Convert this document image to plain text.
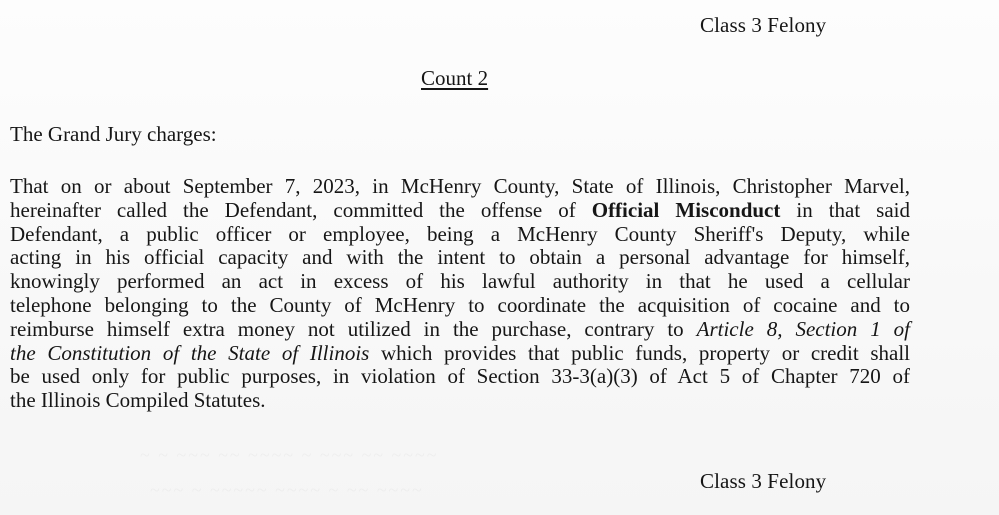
Class 3 Felony
Count 2
The Grand Jury charges:
That on or about September 7, 2023, in McHenry County, State of Illinois, Christopher Marvel,
hereinafter called the Defendant, committed the offense of Official Misconduct in that said
Defendant, a public officer or employee, being a McHenry County Sheriff's Deputy, while
acting in his official capacity and with the intent to obtain a personal advantage for himself,
knowingly performed an act in excess of his lawful authority in that he used a cellular
telephone belonging to the County of McHenry to coordinate the acquisition of cocaine and to
reimburse himself extra money not utilized in the purchase, contrary to Article 8, Section 1 of
the Constitution of the State of Illinois which provides that public funds, property or credit shall
be used only for public purposes, in violation of Section 33-3(a)(3) of Act 5 of Chapter 720 of
the Illinois Compiled Statutes.
Class 3 Felony
